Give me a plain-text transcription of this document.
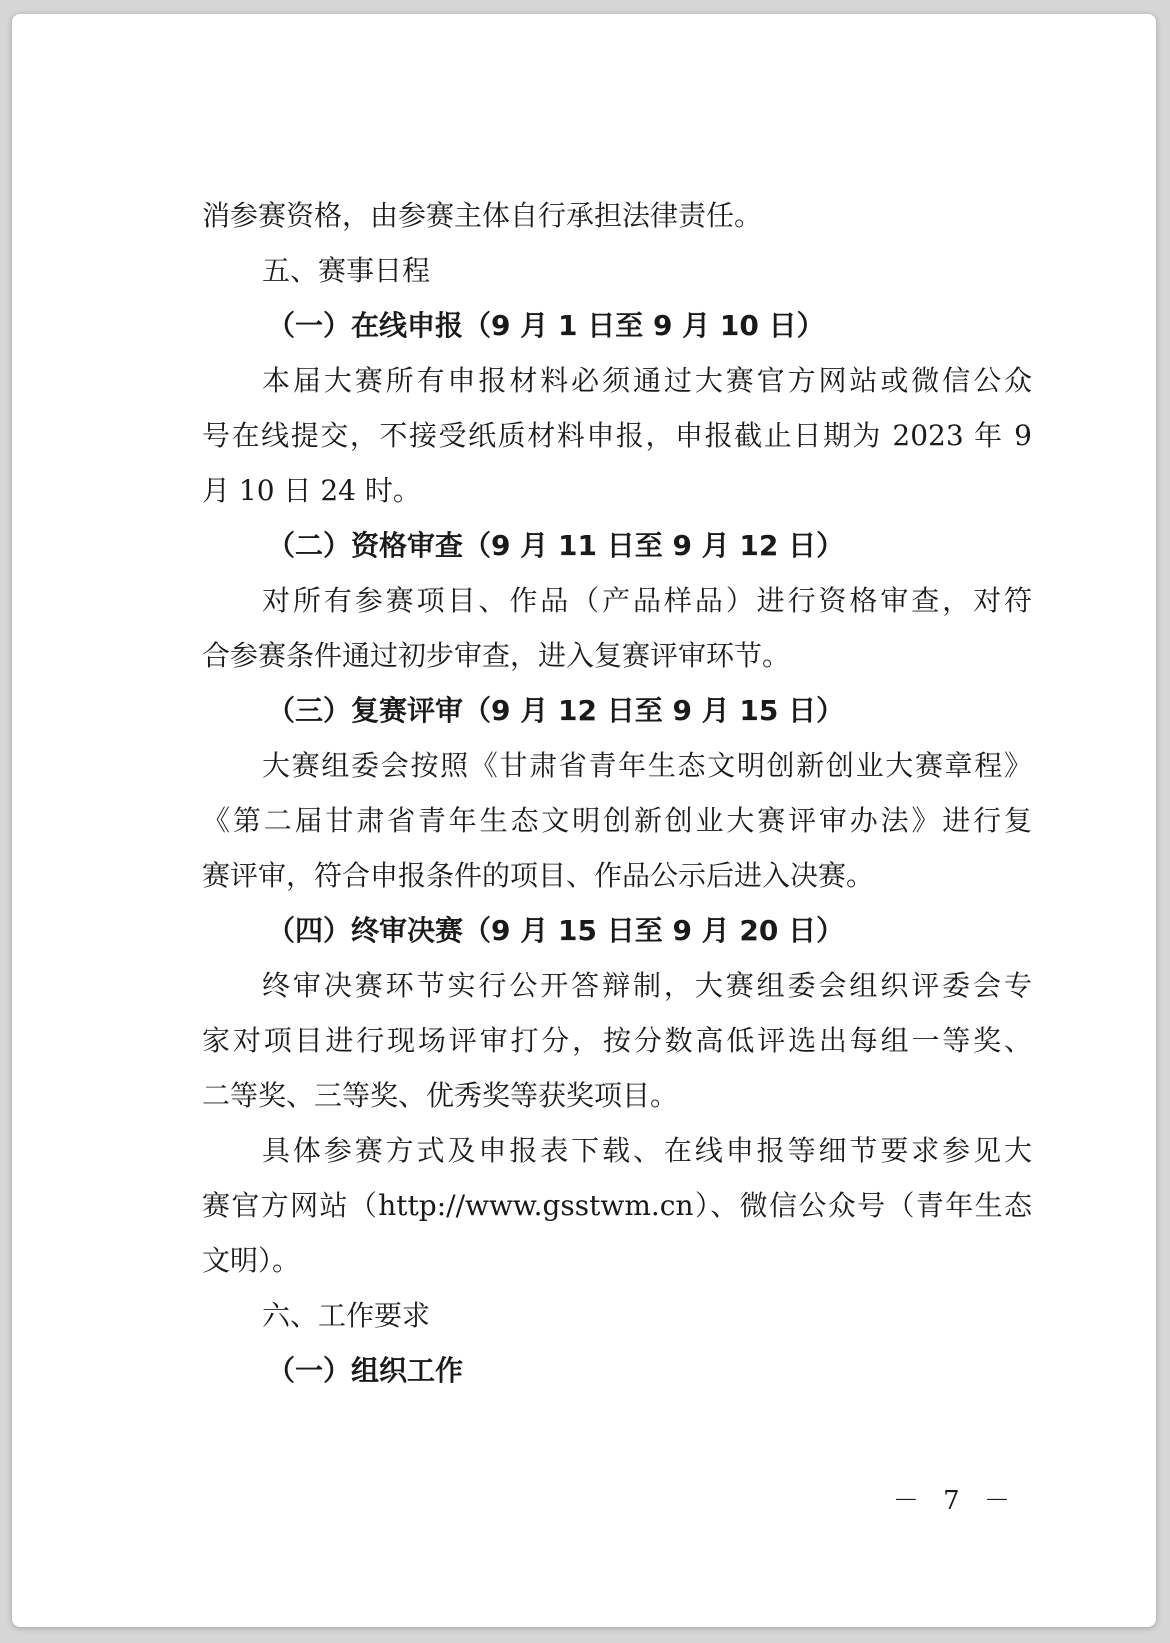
消参赛资格，由参赛主体自行承担法律责任。
五、赛事日程
（一）在线申报（9 月 1 日至 9 月 10 日）
本届大赛所有申报材料必须通过大赛官方网站或微信公众
号在线提交，不接受纸质材料申报，申报截止日期为 2023 年 9
月 10 日 24 时。
（二）资格审查（9 月 11 日至 9 月 12 日）
对所有参赛项目、作品（产品样品）进行资格审查，对符
合参赛条件通过初步审查，进入复赛评审环节。
（三）复赛评审（9 月 12 日至 9 月 15 日）
大赛组委会按照《甘肃省青年生态文明创新创业大赛章程》
《第二届甘肃省青年生态文明创新创业大赛评审办法》进行复
赛评审，符合申报条件的项目、作品公示后进入决赛。
（四）终审决赛（9 月 15 日至 9 月 20 日）
终审决赛环节实行公开答辩制，大赛组委会组织评委会专
家对项目进行现场评审打分，按分数高低评选出每组一等奖、
二等奖、三等奖、优秀奖等获奖项目。
具体参赛方式及申报表下载、在线申报等细节要求参见大
赛官方网站（http://www.gsstwm.cn）、微信公众号（青年生态
文明）。
六、工作要求
（一）组织工作
－ 7 －
